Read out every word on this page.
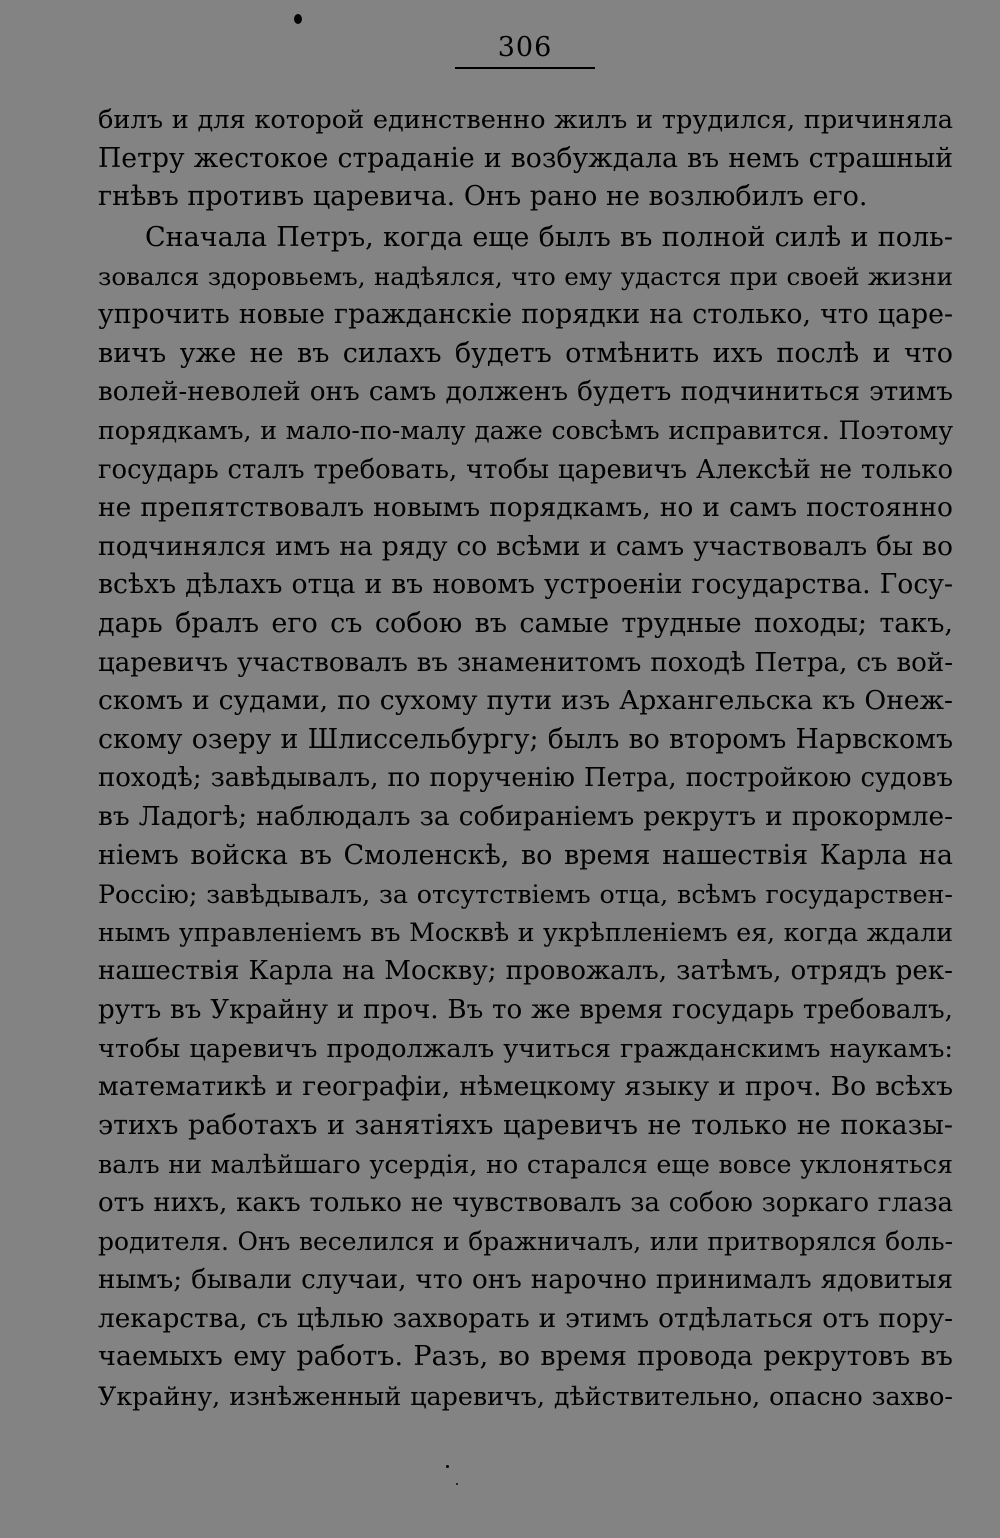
306
билъ и для которой единственно жилъ и трудился, причиняла
Петру жестокое страданіе и возбуждала въ немъ страшный
гнѣвъ противъ царевича. Онъ рано не возлюбилъ его.
Сначала Петръ, когда еще былъ въ полной силѣ и поль-
зовался здоровьемъ, надѣялся, что ему удастся при своей жизни
упрочить новые гражданскіе порядки на столько, что царе-
вичъ уже не въ силахъ будетъ отмѣнить ихъ послѣ и что
волей-неволей онъ самъ долженъ будетъ подчиниться этимъ
порядкамъ, и мало-по-малу даже совсѣмъ исправится. Поэтому
государь сталъ требовать, чтобы царевичъ Алексѣй не только
не препятствовалъ новымъ порядкамъ, но и самъ постоянно
подчинялся имъ на ряду со всѣми и самъ участвовалъ бы во
всѣхъ дѣлахъ отца и въ новомъ устроеніи государства. Госу-
дарь бралъ его съ собою въ самые трудные походы; такъ,
царевичъ участвовалъ въ знаменитомъ походѣ Петра, съ вой-
скомъ и судами, по сухому пути изъ Архангельска къ Онеж-
скому озеру и Шлиссельбургу; былъ во второмъ Нарвскомъ
походѣ; завѣдывалъ, по порученію Петра, постройкою судовъ
въ Ладогѣ; наблюдалъ за собираніемъ рекрутъ и прокормле-
ніемъ войска въ Смоленскѣ, во время нашествія Карла на
Россію; завѣдывалъ, за отсутствіемъ отца, всѣмъ государствен-
нымъ управленіемъ въ Москвѣ и укрѣпленіемъ ея, когда ждали
нашествія Карла на Москву; провожалъ, затѣмъ, отрядъ рек-
рутъ въ Украйну и проч. Въ то же время государь требовалъ,
чтобы царевичъ продолжалъ учиться гражданскимъ наукамъ:
математикѣ и географіи, нѣмецкому языку и проч. Во всѣхъ
этихъ работахъ и занятіяхъ царевичъ не только не показы-
валъ ни малѣйшаго усердія, но старался еще вовсе уклоняться
отъ нихъ, какъ только не чувствовалъ за собою зоркаго глаза
родителя. Онъ веселился и бражничалъ, или притворялся боль-
нымъ; бывали случаи, что онъ нарочно принималъ ядовитыя
лекарства, съ цѣлью захворать и этимъ отдѣлаться отъ пору-
чаемыхъ ему работъ. Разъ, во время провода рекрутовъ въ
Украйну, изнѣженный царевичъ, дѣйствительно, опасно захво-
